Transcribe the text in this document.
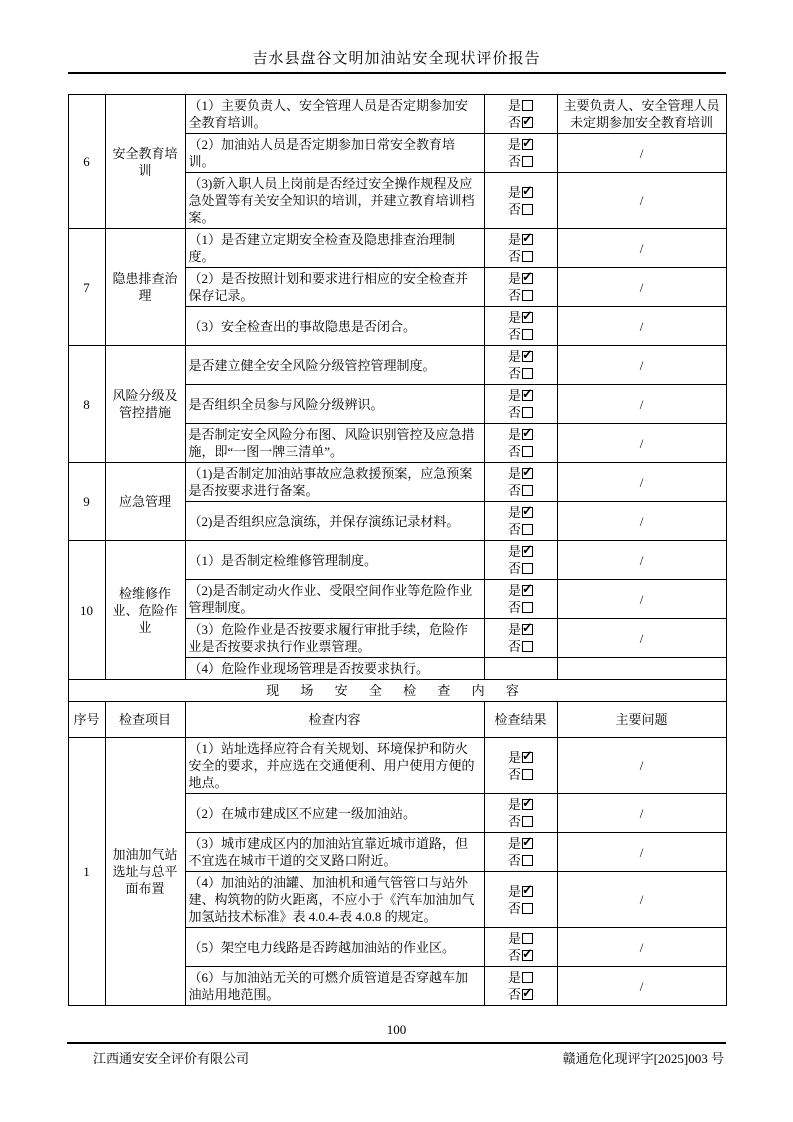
吉水县盘谷文明加油站安全现状评价报告
6	安全教育培训	（1）主要负责人、安全管理人员是否定期参加安全教育培训。	是
否 ✓	主要负责人、安全管理人员未定期参加安全教育培训
		（2）加油站人员是否定期参加日常安全教育培训。	是 ✓
否	/
		（3)新入职人员上岗前是否经过安全操作规程及应急处置等有关安全知识的培训，并建立教育培训档案。	是 ✓
否	/
7	隐患排查治理	（1）是否建立定期安全检查及隐患排查治理制度。	是 ✓
否	/
		（2）是否按照计划和要求进行相应的安全检查并保存记录。	是 ✓
否	/
		（3）安全检查出的事故隐患是否闭合。	是 ✓
否	/
8	风险分级及管控措施	是否建立健全安全风险分级管控管理制度。	是 ✓
否	/
		是否组织全员参与风险分级辨识。	是 ✓
否	/
		是否制定安全风险分布图、风险识别管控及应急措施，即“一图一牌三清单”。	是 ✓
否	/
9	应急管理	（1)是否制定加油站事故应急救援预案，应急预案是否按要求进行备案。	是 ✓
否	/
		（2)是否组织应急演练，并保存演练记录材料。	是 ✓
否	/
10	检维修作业、危险作业	（1）是否制定检维修管理制度。	是 ✓
否	/
		（2)是否制定动火作业、受限空间作业等危险作业管理制度。	是 ✓
否	/
		（3）危险作业是否按要求履行审批手续，危险作业是否按要求执行作业票管理。	是 ✓
否	/
		（4）危险作业现场管理是否按要求执行。		
现 场 安 全 检 查 内 容				
序号	检查项目	检查内容	检查结果	主要问题
1	加油加气站选址与总平面布置	（1）站址选择应符合有关规划、环境保护和防火安全的要求，并应选在交通便利、用户使用方便的地点。	是 ✓
否	/
		（2）在城市建成区不应建一级加油站。	是 ✓
否	/
		（3）城市建成区内的加油站宜靠近城市道路，但不宜选在城市干道的交叉路口附近。	是 ✓
否	/
		（4）加油站的油罐、加油机和通气管管口与站外建、构筑物的防火距离，不应小于《汽车加油加气加氢站技术标准》表 4.0.4-表 4.0.8 的规定。	是 ✓
否	/
		（5）架空电力线路是否跨越加油站的作业区。	是
否 ✓	/
		（6）与加油站无关的可燃介质管道是否穿越车加油站用地范围。	是
否 ✓	/
100
江西通安安全评价有限公司	赣通危化现评字[2025]003 号
